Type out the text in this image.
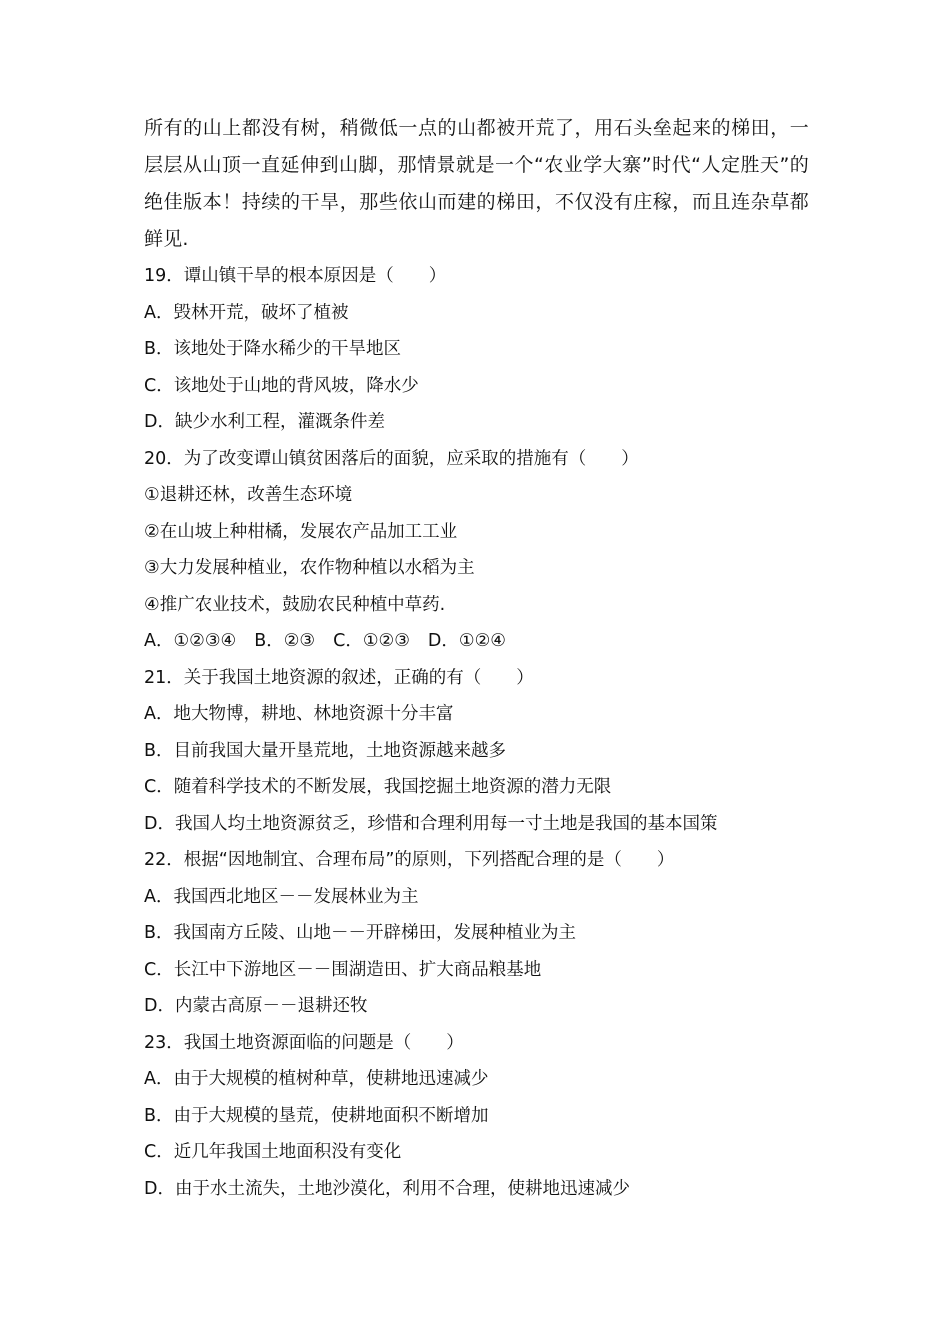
所有的山上都没有树，稍微低一点的山都被开荒了，用石头垒起来的梯田，一层层从山顶一直延伸到山脚，那情景就是一个“农业学大寨”时代“人定胜天”的绝佳版本！持续的干旱，那些依山而建的梯田，不仅没有庄稼，而且连杂草都鲜见.

19．谭山镇干旱的根本原因是（　　）

A．毁林开荒，破坏了植被

B．该地处于降水稀少的干旱地区

C．该地处于山地的背风坡，降水少

D．缺少水利工程，灌溉条件差

20．为了改变谭山镇贫困落后的面貌，应采取的措施有（　　）

①退耕还林，改善生态环境

②在山坡上种柑橘，发展农产品加工工业

③大力发展种植业，农作物种植以水稻为主

④推广农业技术，鼓励农民种植中草药.

A．①②③④ B．②③ C．①②③ D．①②④

21．关于我国土地资源的叙述，正确的有（　　）

A．地大物博，耕地、林地资源十分丰富

B．目前我国大量开垦荒地，土地资源越来越多

C．随着科学技术的不断发展，我国挖掘土地资源的潜力无限

D．我国人均土地资源贫乏，珍惜和合理利用每一寸土地是我国的基本国策

22．根据“因地制宜、合理布局”的原则，下列搭配合理的是（　　）

A．我国西北地区－－发展林业为主

B．我国南方丘陵、山地－－开辟梯田，发展种植业为主

C．长江中下游地区－－围湖造田、扩大商品粮基地

D．内蒙古高原－－退耕还牧

23．我国土地资源面临的问题是（　　）

A．由于大规模的植树种草，使耕地迅速减少

B．由于大规模的垦荒，使耕地面积不断增加

C．近几年我国土地面积没有变化

D．由于水土流失，土地沙漠化，利用不合理，使耕地迅速减少
